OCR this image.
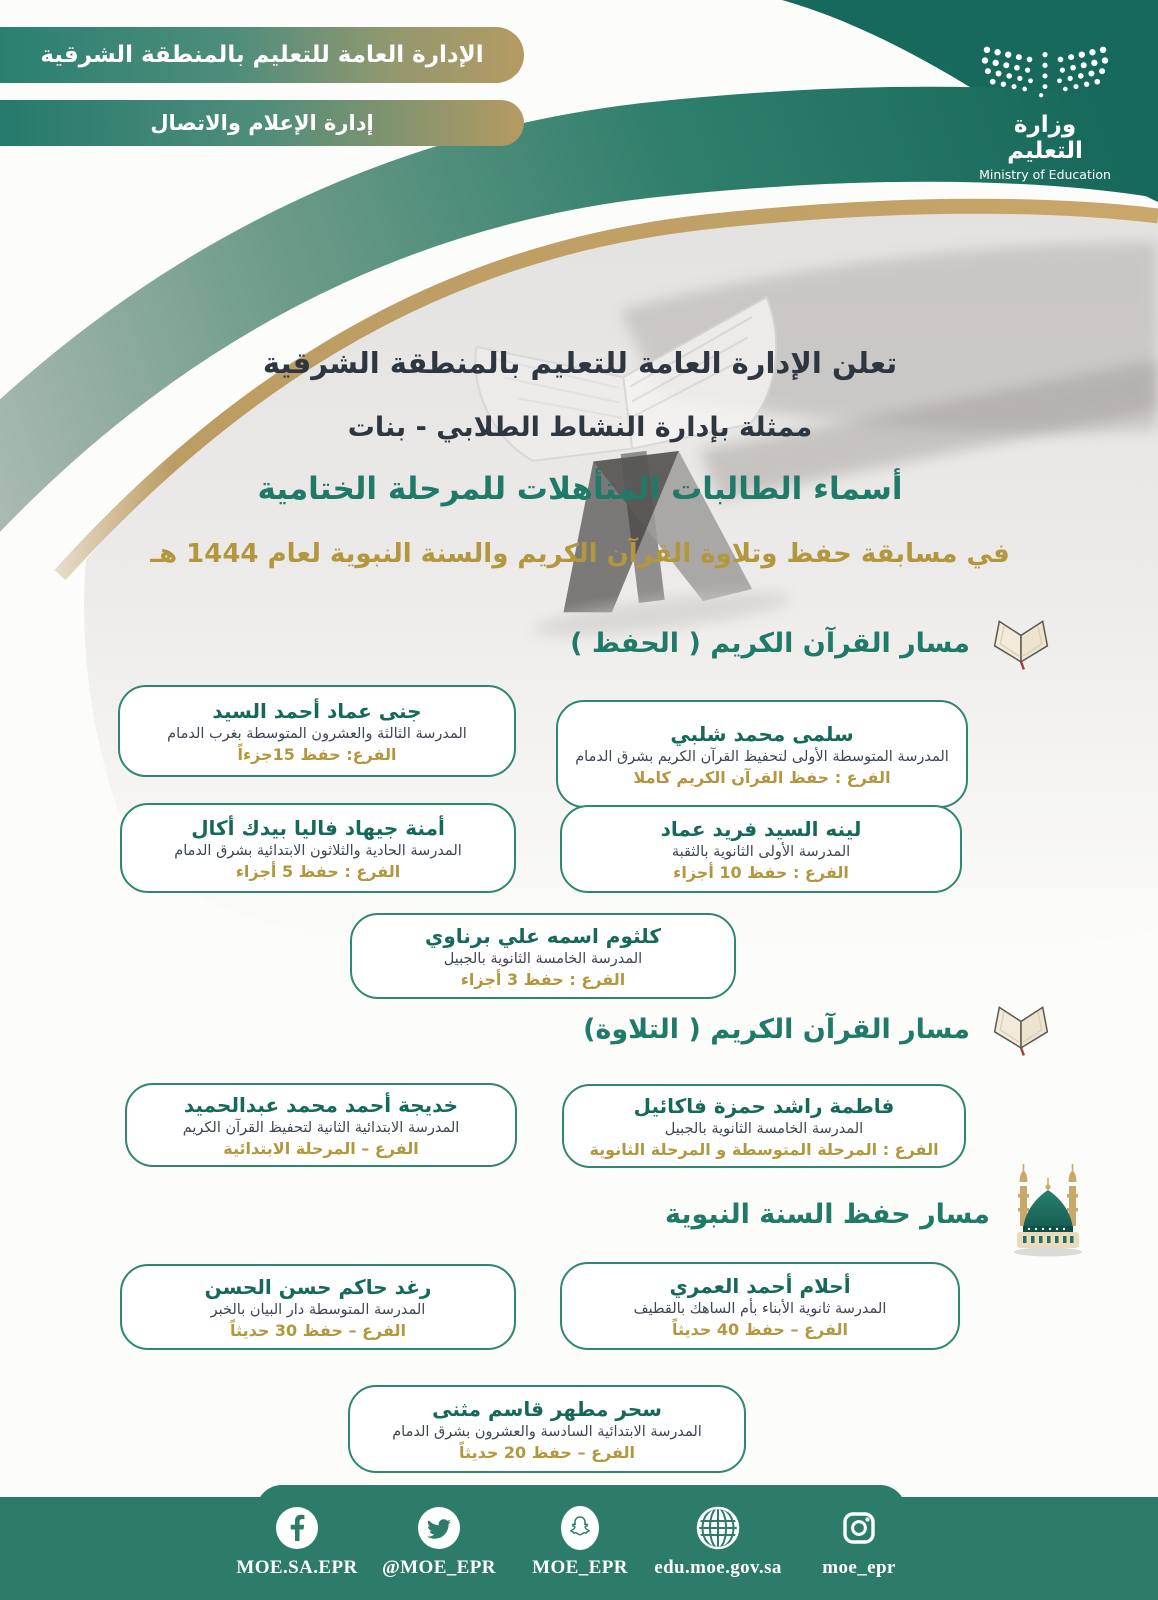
الإدارة العامة للتعليم بالمنطقة الشرقية
إدارة الإعلام والاتصال	وزارة التعليم
Ministry of Education
تعلن الإدارة العامة للتعليم بالمنطقة الشرقية
ممثلة بإدارة النشاط الطلابي - بنات
أسماء الطالبات المتأهلات للمرحلة الختامية
في مسابقة حفظ وتلاوة القرآن الكريم والسنة النبوية لعام 1444 هـ
مسار القرآن الكريم ( الحفظ )
سلمى محمد شلبي
المدرسة المتوسطة الأولى لتحفيظ القرآن الكريم بشرق الدمام
الفرع : حفظ القرآن الكريم كاملا
جنى عماد أحمد السيد
المدرسة الثالثة والعشرون المتوسطة بغرب الدمام
الفرع: حفظ 15جزءاً
لينه السيد فريد عماد
المدرسة الأولى الثانوية بالثقبة
الفرع : حفظ 10 أجزاء
أمنة جيهاد فاليا بيدك أكال
المدرسة الحادية والثلاثون الابتدائية بشرق الدمام
الفرع : حفظ 5 أجزاء
كلثوم اسمه علي برناوي
المدرسة الخامسة الثانوية بالجبيل
الفرع : حفظ 3 أجزاء
مسار القرآن الكريم ( التلاوة)
فاطمة راشد حمزة فاكائيل
المدرسة الخامسة الثانوية بالجبيل
الفرع : المرحلة المتوسطة و المرحلة الثانوية
خديجة أحمد محمد عبدالحميد
المدرسة الابتدائية الثانية لتحفيظ القرآن الكريم
الفرع – المرحلة الابتدائية
مسار حفظ السنة النبوية
أحلام أحمد العمري
المدرسة ثانوية الأبناء بأم الساهك بالقطيف
الفرع – حفظ 40 حديثاً
رغد حاكم حسن الحسن
المدرسة المتوسطة دار البيان بالخبر
الفرع – حفظ 30 حديثاً
سحر مطهر قاسم مثنى
المدرسة الابتدائية السادسة والعشرون بشرق الدمام
الفرع – حفظ 20 حديثاً
MOE.SA.EPR	@MOE_EPR	MOE_EPR	edu.moe.gov.sa	moe_epr
